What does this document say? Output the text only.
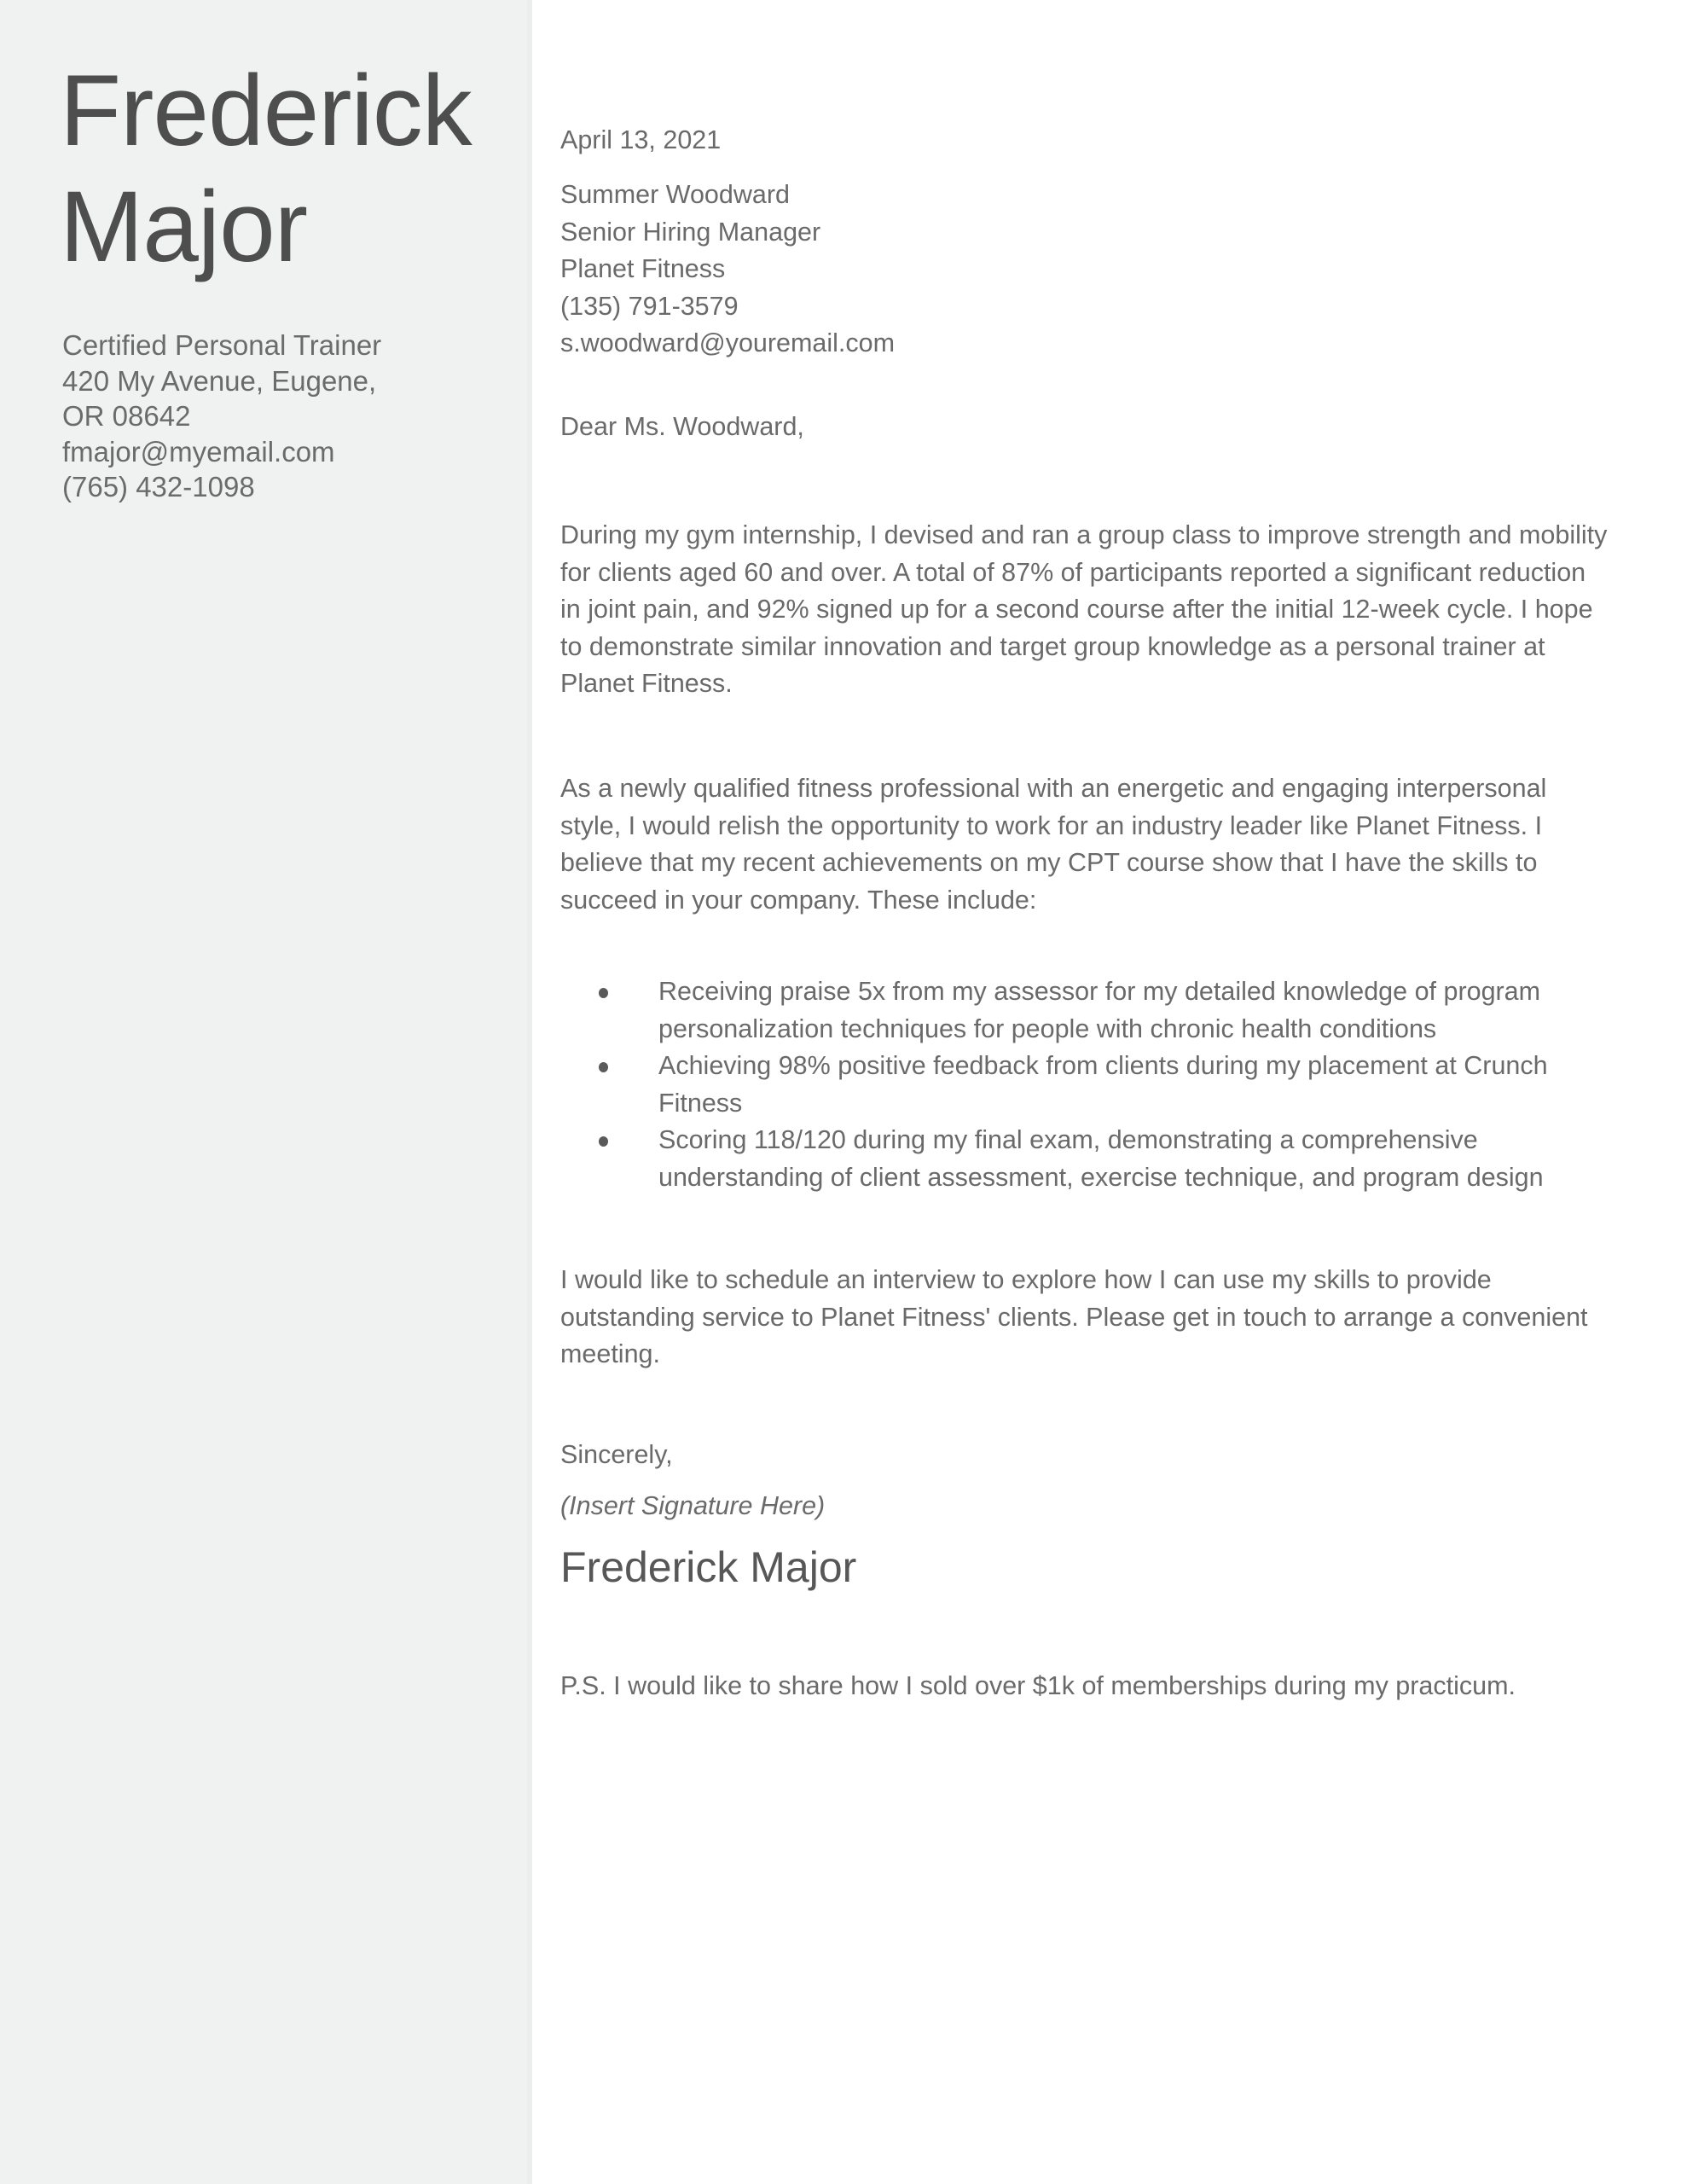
Frederick
Major
Certified Personal Trainer
420 My Avenue, Eugene,
OR 08642
fmajor@myemail.com
(765) 432-1098
April 13, 2021
Summer Woodward
Senior Hiring Manager
Planet Fitness
(135) 791-3579
s.woodward@youremail.com
Dear Ms. Woodward,

During my gym internship, I devised and ran a group class to improve strength and mobility for clients aged 60 and over. A total of 87% of participants reported a significant reduction in joint pain, and 92% signed up for a second course after the initial 12-week cycle. I hope to demonstrate similar innovation and target group knowledge as a personal trainer at Planet Fitness.

As a newly qualified fitness professional with an energetic and engaging interpersonal style, I would relish the opportunity to work for an industry leader like Planet Fitness. I believe that my recent achievements on my CPT course show that I have the skills to succeed in your company. These include:

Receiving praise 5x from my assessor for my detailed knowledge of program personalization techniques for people with chronic health conditions
Achieving 98% positive feedback from clients during my placement at Crunch Fitness
Scoring 118/120 during my final exam, demonstrating a comprehensive understanding of client assessment, exercise technique, and program design

I would like to schedule an interview to explore how I can use my skills to provide outstanding service to Planet Fitness' clients. Please get in touch to arrange a convenient meeting.

Sincerely,
(Insert Signature Here)
Frederick Major
P.S. I would like to share how I sold over $1k of memberships during my practicum.
